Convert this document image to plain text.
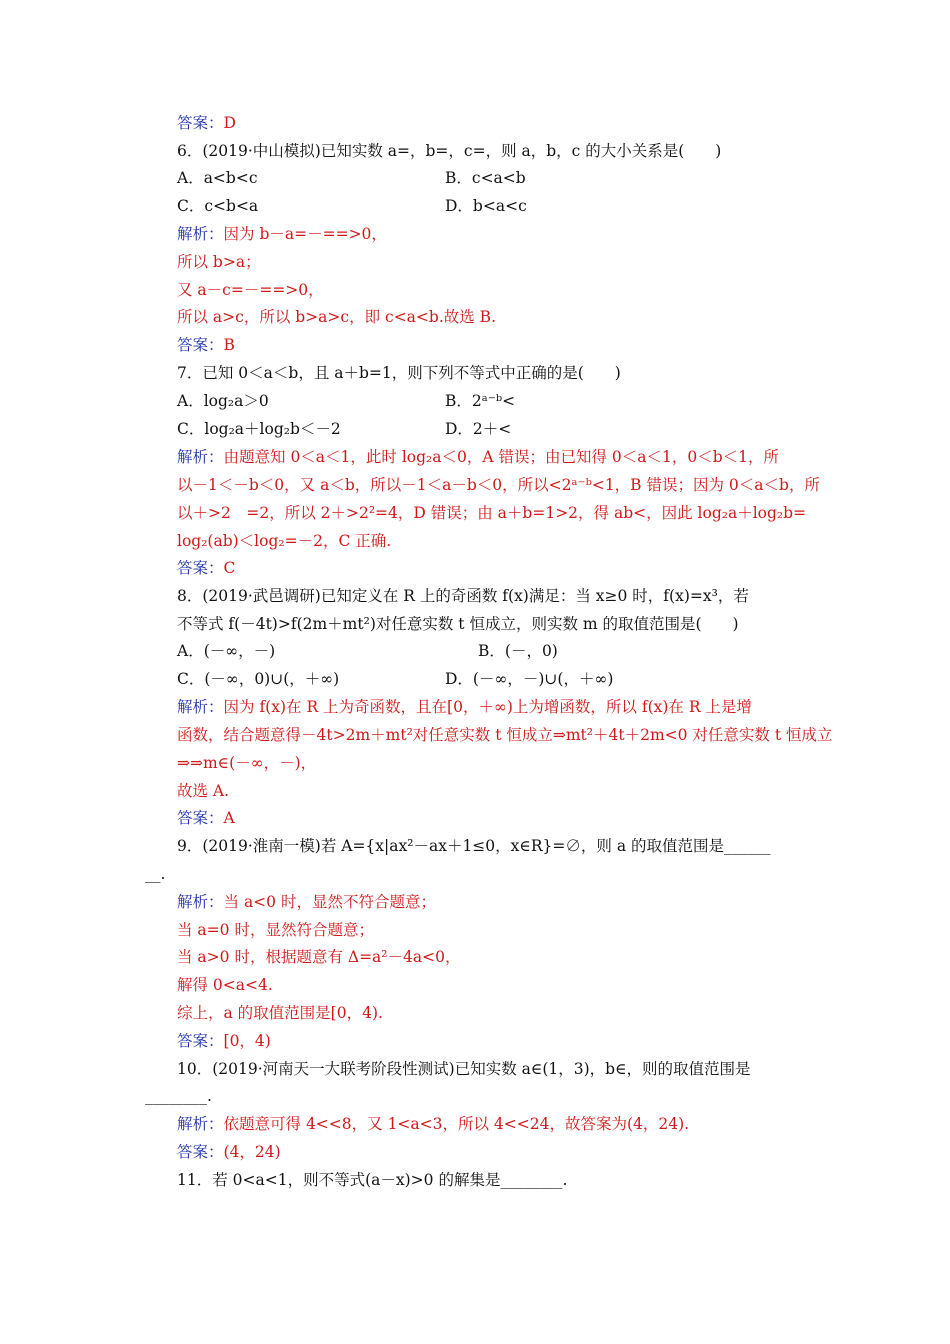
答案：D
6．(2019·中山模拟)已知实数 a=，b=，c=，则 a，b，c 的大小关系是(　　)
A．a<b<c	B．c<a<b
C．c<b<a	D．b<a<c
解析：因为 b－a=－==>0，
所以 b>a；
又 a－c=－==>0，
所以 a>c，所以 b>a>c，即 c<a<b.故选 B.
答案：B
7．已知 0＜a＜b，且 a＋b=1，则下列不等式中正确的是(　　)
A．log₂a＞0	B．2ᵃ⁻ᵇ<
C．log₂a＋log₂b＜－2	D．2＋<
解析：由题意知 0＜a＜1，此时 log₂a＜0，A 错误；由已知得 0＜a＜1，0＜b＜1，所
以－1＜－b＜0，又 a＜b，所以－1＜a－b＜0，所以<2ᵃ⁻ᵇ<1，B 错误；因为 0＜a＜b，所
以＋>2　=2，所以 2＋>2²=4，D 错误；由 a＋b=1>2，得 ab<，因此 log₂a＋log₂b=
log₂(ab)＜log₂=－2，C 正确.
答案：C
8．(2019·武邑调研)已知定义在 R 上的奇函数 f(x)满足：当 x≥0 时，f(x)=x³，若
不等式 f(－4t)>f(2m＋mt²)对任意实数 t 恒成立，则实数 m 的取值范围是(　　)
A．(－∞，－)	B．(－，0)
C．(－∞，0)∪(，＋∞)	D．(－∞，－)∪(，＋∞)
解析：因为 f(x)在 R 上为奇函数，且在[0，＋∞)上为增函数，所以 f(x)在 R 上是增
函数，结合题意得－4t>2m＋mt²对任意实数 t 恒成立⇒mt²＋4t＋2m<0 对任意实数 t 恒成立
⇒⇒m∈(－∞，－)，
故选 A.
答案：A
9．(2019·淮南一模)若 A={x|ax²－ax＋1≤0，x∈R}=∅，则 a 的取值范围是______
__.
解析：当 a<0 时，显然不符合题意；
当 a=0 时，显然符合题意；
当 a>0 时，根据题意有 Δ=a²－4a<0，
解得 0<a<4.
综上，a 的取值范围是[0，4).
答案：[0，4)
10．(2019·河南天一大联考阶段性测试)已知实数 a∈(1，3)，b∈，则的取值范围是
________.
解析：依题意可得 4<<8，又 1<a<3，所以 4<<24，故答案为(4，24).
答案：(4，24)
11．若 0<a<1，则不等式(a－x)>0 的解集是________.
